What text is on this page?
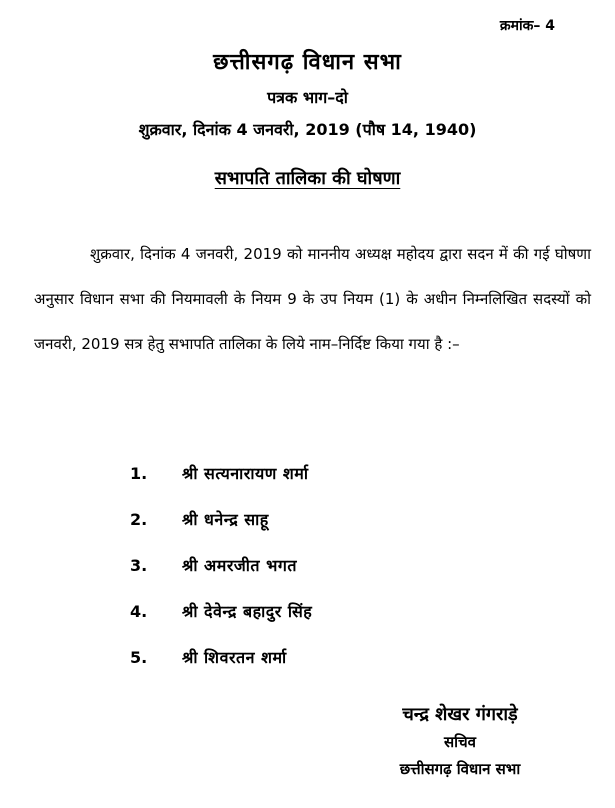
क्रमांक– 4
छत्तीसगढ़ विधान सभा
पत्रक भाग–दो
शुक्रवार, दिनांक 4 जनवरी, 2019 (पौष 14, 1940)
सभापति तालिका की घोषणा

शुक्रवार, दिनांक 4 जनवरी, 2019 को माननीय अध्यक्ष महोदय द्वारा सदन में की गई घोषणा अनुसार विधान सभा की नियमावली के नियम 9 के उप नियम (1) के अधीन निम्नलिखित सदस्यों को जनवरी, 2019 सत्र हेतु सभापति तालिका के लिये नाम–निर्दिष्ट किया गया है :–

1.	श्री सत्यनारायण शर्मा
2.	श्री धनेन्द्र साहू
3.	श्री अमरजीत भगत
4.	श्री देवेन्द्र बहादुर सिंह
5.	श्री शिवरतन शर्मा
चन्द्र शेखर गंगराड़े
सचिव
छत्तीसगढ़ विधान सभा
